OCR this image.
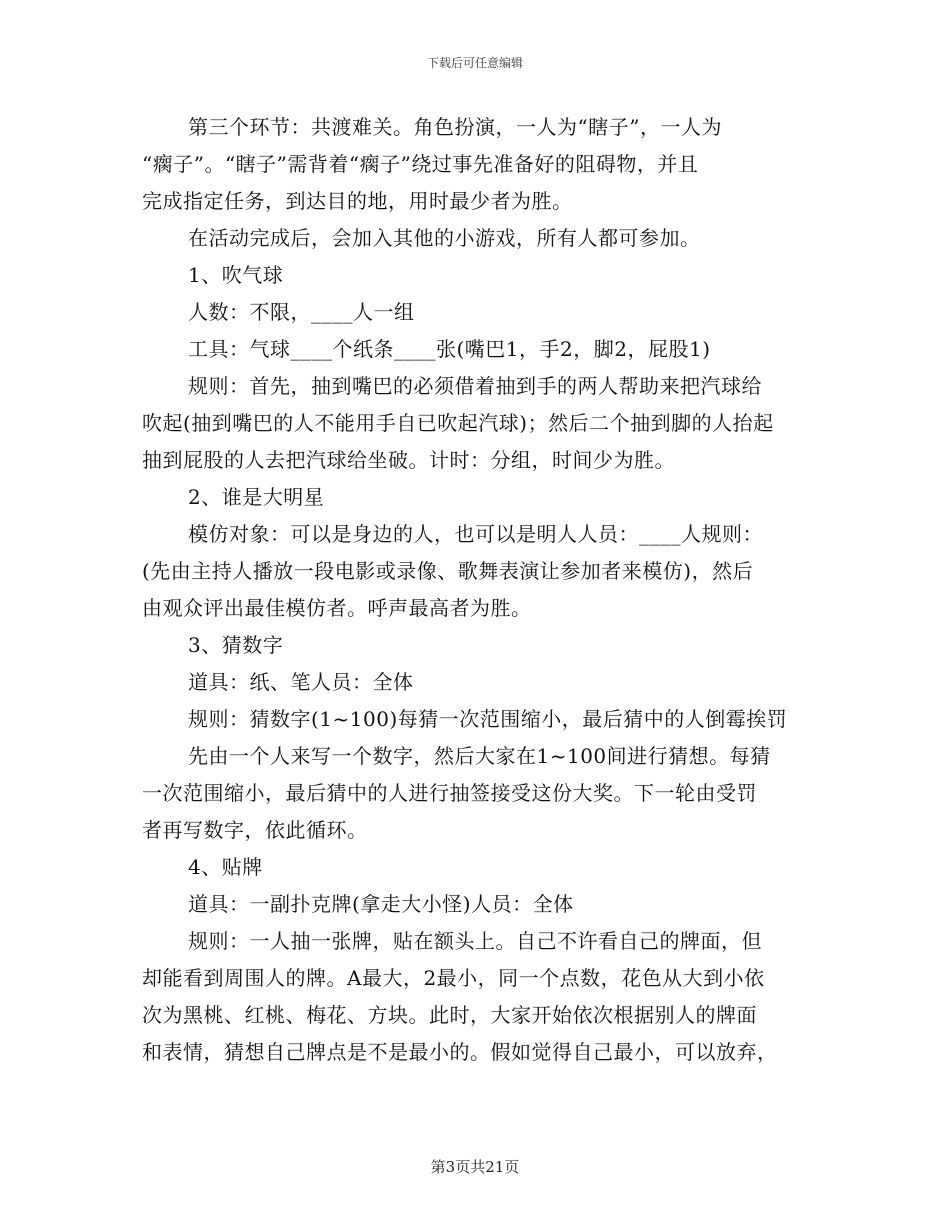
下载后可任意编辑
第三个环节：共渡难关。角色扮演，一人为“瞎子”，一人为
“瘸子”。“瞎子”需背着“瘸子”绕过事先准备好的阻碍物，并且
完成指定任务，到达目的地，用时最少者为胜。
在活动完成后，会加入其他的小游戏，所有人都可参加。
1、吹气球
人数：不限，____人一组
工具：气球____个纸条____张(嘴巴1，手2，脚2，屁股1)
规则：首先，抽到嘴巴的必须借着抽到手的两人帮助来把汽球给
吹起(抽到嘴巴的人不能用手自已吹起汽球)；然后二个抽到脚的人抬起
抽到屁股的人去把汽球给坐破。计时：分组，时间少为胜。
2、谁是大明星
模仿对象：可以是身边的人，也可以是明人人员：____人规则：
(先由主持人播放一段电影或录像、歌舞表演让参加者来模仿)，然后
由观众评出最佳模仿者。呼声最高者为胜。
3、猜数字
道具：纸、笔人员：全体
规则：猜数字(1~100)每猜一次范围缩小，最后猜中的人倒霉挨罚
先由一个人来写一个数字，然后大家在1~100间进行猜想。每猜
一次范围缩小，最后猜中的人进行抽签接受这份大奖。下一轮由受罚
者再写数字，依此循环。
4、贴牌
道具：一副扑克牌(拿走大小怪)人员：全体
规则：一人抽一张牌，贴在额头上。自己不许看自己的牌面，但
却能看到周围人的牌。A最大，2最小，同一个点数，花色从大到小依
次为黑桃、红桃、梅花、方块。此时，大家开始依次根据别人的牌面
和表情，猜想自己牌点是不是最小的。假如觉得自己最小，可以放弃，
第3页共21页
